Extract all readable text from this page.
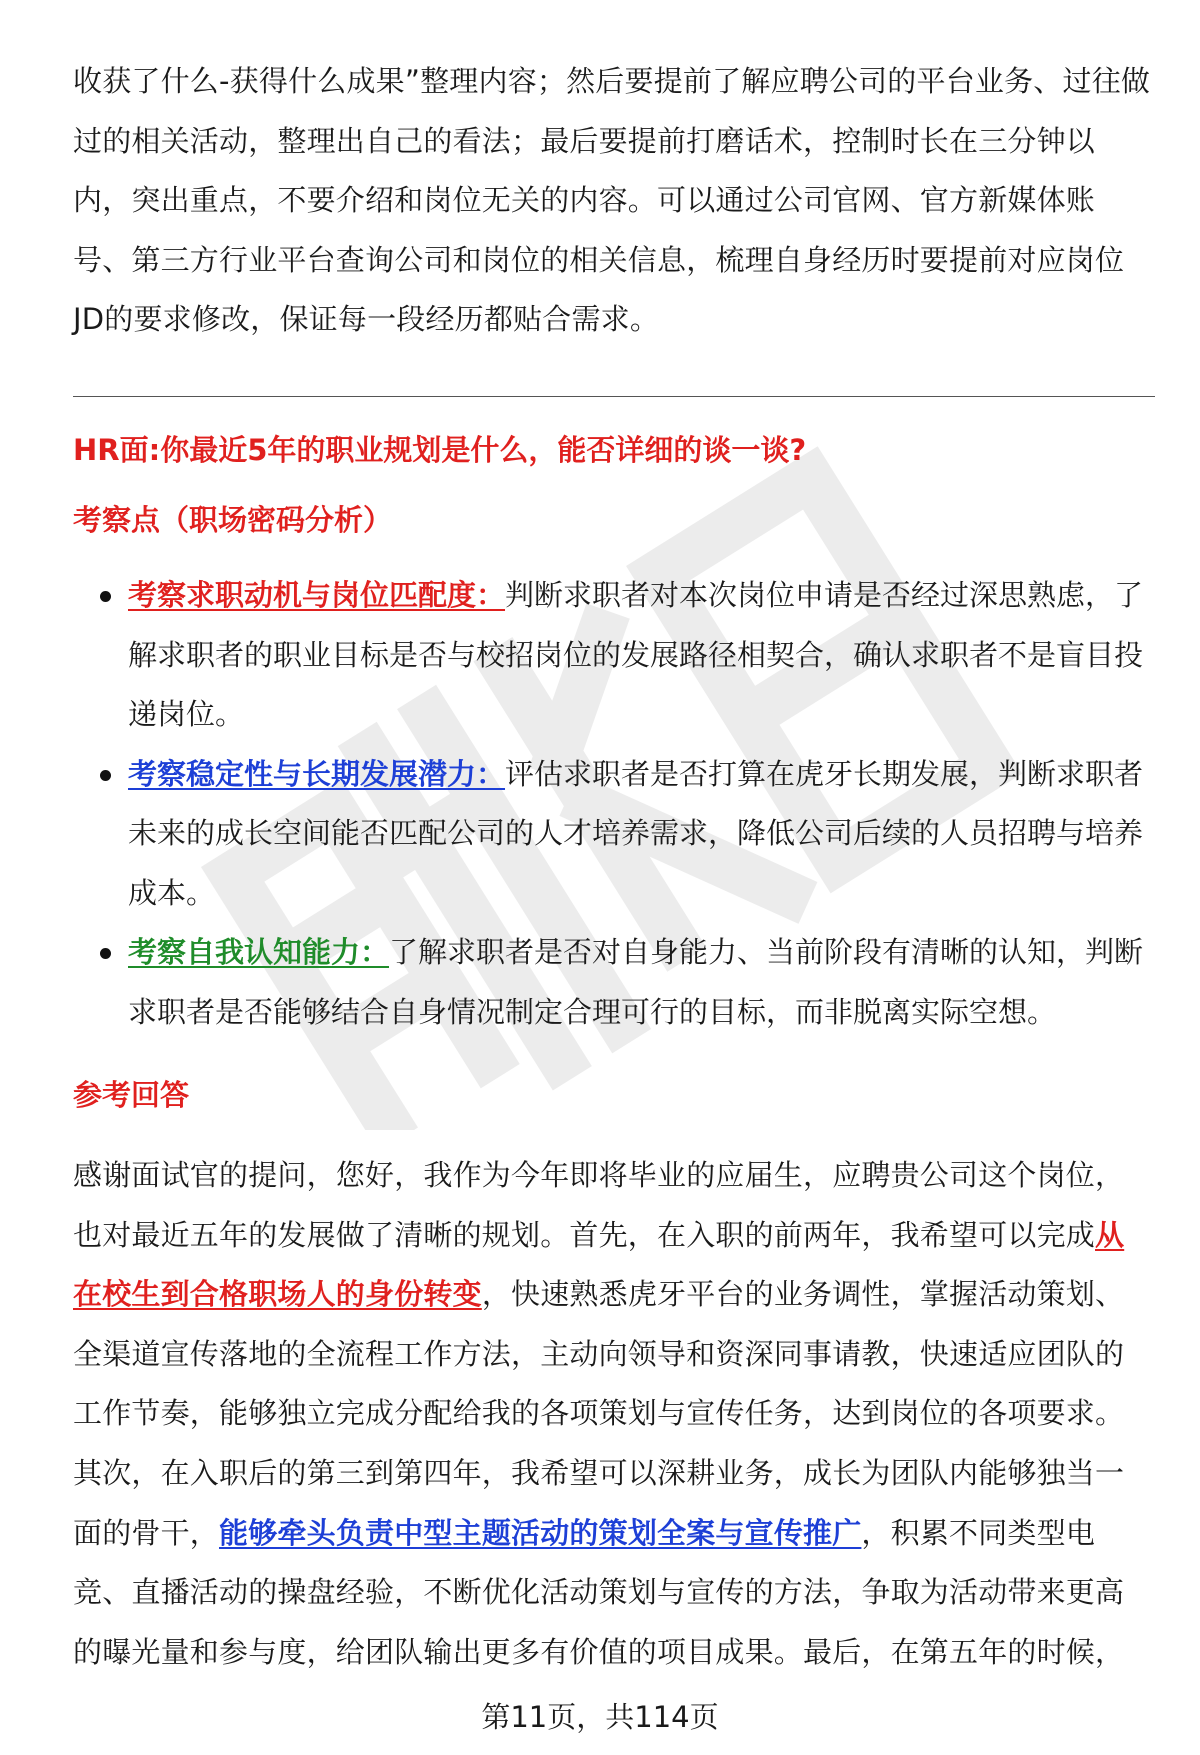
收获了什么-获得什么成果”整理内容；然后要提前了解应聘公司的平台业务、过往做过的相关活动，整理出自己的看法；最后要提前打磨话术，控制时长在三分钟以内，突出重点，不要介绍和岗位无关的内容。可以通过公司官网、官方新媒体账号、第三方行业平台查询公司和岗位的相关信息，梳理自身经历时要提前对应岗位JD的要求修改，保证每一段经历都贴合需求。

HR面:你最近5年的职业规划是什么，能否详细的谈一谈?
考察点（职场密码分析）
考察求职动机与岗位匹配度：判断求职者对本次岗位申请是否经过深思熟虑，了解求职者的职业目标是否与校招岗位的发展路径相契合，确认求职者不是盲目投递岗位。
考察稳定性与长期发展潜力：评估求职者是否打算在虎牙长期发展，判断求职者未来的成长空间能否匹配公司的人才培养需求，降低公司后续的人员招聘与培养成本。
考察自我认知能力：了解求职者是否对自身能力、当前阶段有清晰的认知，判断求职者是否能够结合自身情况制定合理可行的目标，而非脱离实际空想。
参考回答

感谢面试官的提问，您好，我作为今年即将毕业的应届生，应聘贵公司这个岗位，也对最近五年的发展做了清晰的规划。首先，在入职的前两年，我希望可以完成从在校生到合格职场人的身份转变，快速熟悉虎牙平台的业务调性，掌握活动策划、全渠道宣传落地的全流程工作方法，主动向领导和资深同事请教，快速适应团队的工作节奏，能够独立完成分配给我的各项策划与宣传任务，达到岗位的各项要求。其次，在入职后的第三到第四年，我希望可以深耕业务，成长为团队内能够独当一面的骨干，能够牵头负责中型主题活动的策划全案与宣传推广，积累不同类型电竞、直播活动的操盘经验，不断优化活动策划与宣传的方法，争取为活动带来更高的曝光量和参与度，给团队输出更多有价值的项目成果。最后，在第五年的时候，

第11页，共114页
